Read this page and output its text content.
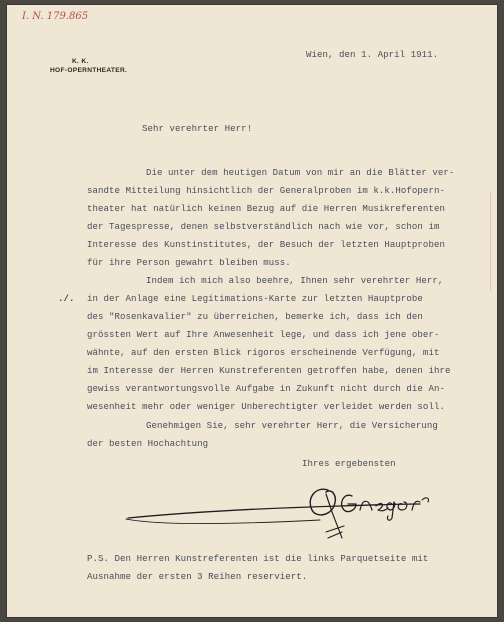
I. N. 179.865
K. K.
HOF-OPERNTHEATER.
Wien, den 1. April 1911.
Sehr verehrter Herr!
Die unter dem heutigen Datum von mir an die Blätter ver-
sandte Mitteilung hinsichtlich der Generalproben im k.k.Hofopern-
theater hat natürlich keinen Bezug auf die Herren Musikreferenten
der Tagespresse, denen selbstverständlich nach wie vor, schon im
Interesse des Kunstinstitutes, der Besuch der letzten Hauptproben
für ihre Person gewahrt bleiben muss.
Indem ich mich also beehre, Ihnen sehr verehrter Herr,
./. in der Anlage eine Legitimations-Karte zur letzten Hauptprobe
des "Rosenkavalier" zu überreichen, bemerke ich, dass ich den
grössten Wert auf Ihre Anwesenheit lege, und dass ich jene ober-
wähnte, auf den ersten Blick rigoros erscheinende Verfügung, mit
im Interesse der Herren Kunstreferenten getroffen habe, denen ihre
gewiss verantwortungsvolle Aufgabe in Zukunft nicht durch die An-
wesenheit mehr oder weniger Unberechtigter verleidet werden soll.
Genehmigen Sie, sehr verehrter Herr, die Versicherung
der besten Hochachtung
Ihres ergebensten
P.S. Den Herren Kunstreferenten ist die links Parquetseite mit
Ausnahme der ersten 3 Reihen reserviert.
